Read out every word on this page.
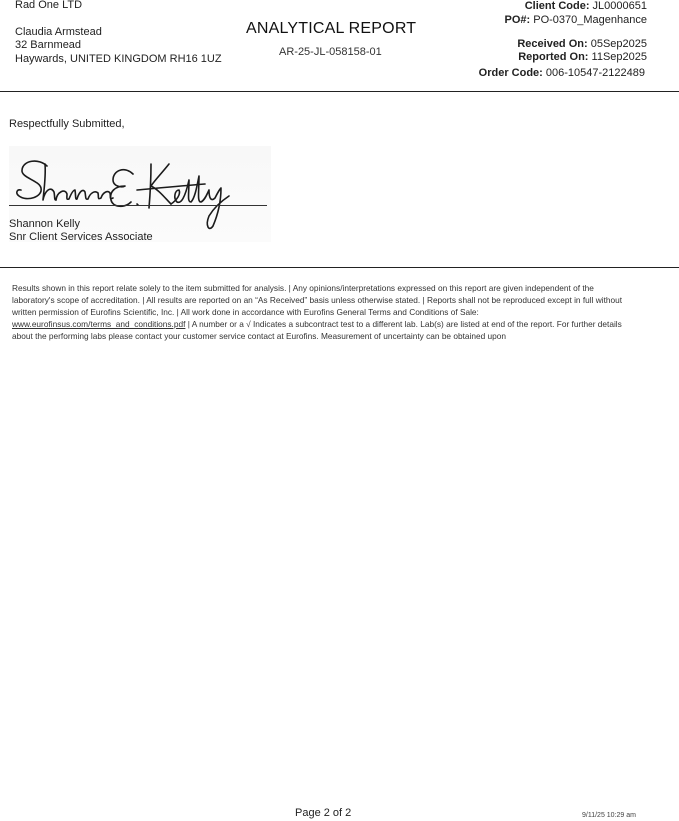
Rad One LTD
Claudia Armstead
32 Barnmead
Haywards, UNITED KINGDOM RH16 1UZ
ANALYTICAL REPORT
AR-25-JL-058158-01
Client Code: JL0000651
PO#: PO-0370_Magenhance
Received On: 05Sep2025
Reported On: 11Sep2025
Order Code: 006-10547-2122489
Respectfully Submitted,
Shannon Kelly
Snr Client Services Associate
Results shown in this report relate solely to the item submitted for analysis. | Any opinions/interpretations expressed on this report are given independent of the laboratory's scope of accreditation. | All results are reported on an “As Received” basis unless otherwise stated. | Reports shall not be reproduced except in full without written permission of Eurofins Scientific, Inc. | All work done in accordance with Eurofins General Terms and Conditions of Sale: www.eurofinsus.com/terms_and_conditions.pdf | A number or a √ Indicates a subcontract test to a different lab. Lab(s) are listed at end of the report. For further details about the performing labs please contact your customer service contact at Eurofins. Measurement of uncertainty can be obtained upon
Page 2 of 2	9/11/25 10:29 am
